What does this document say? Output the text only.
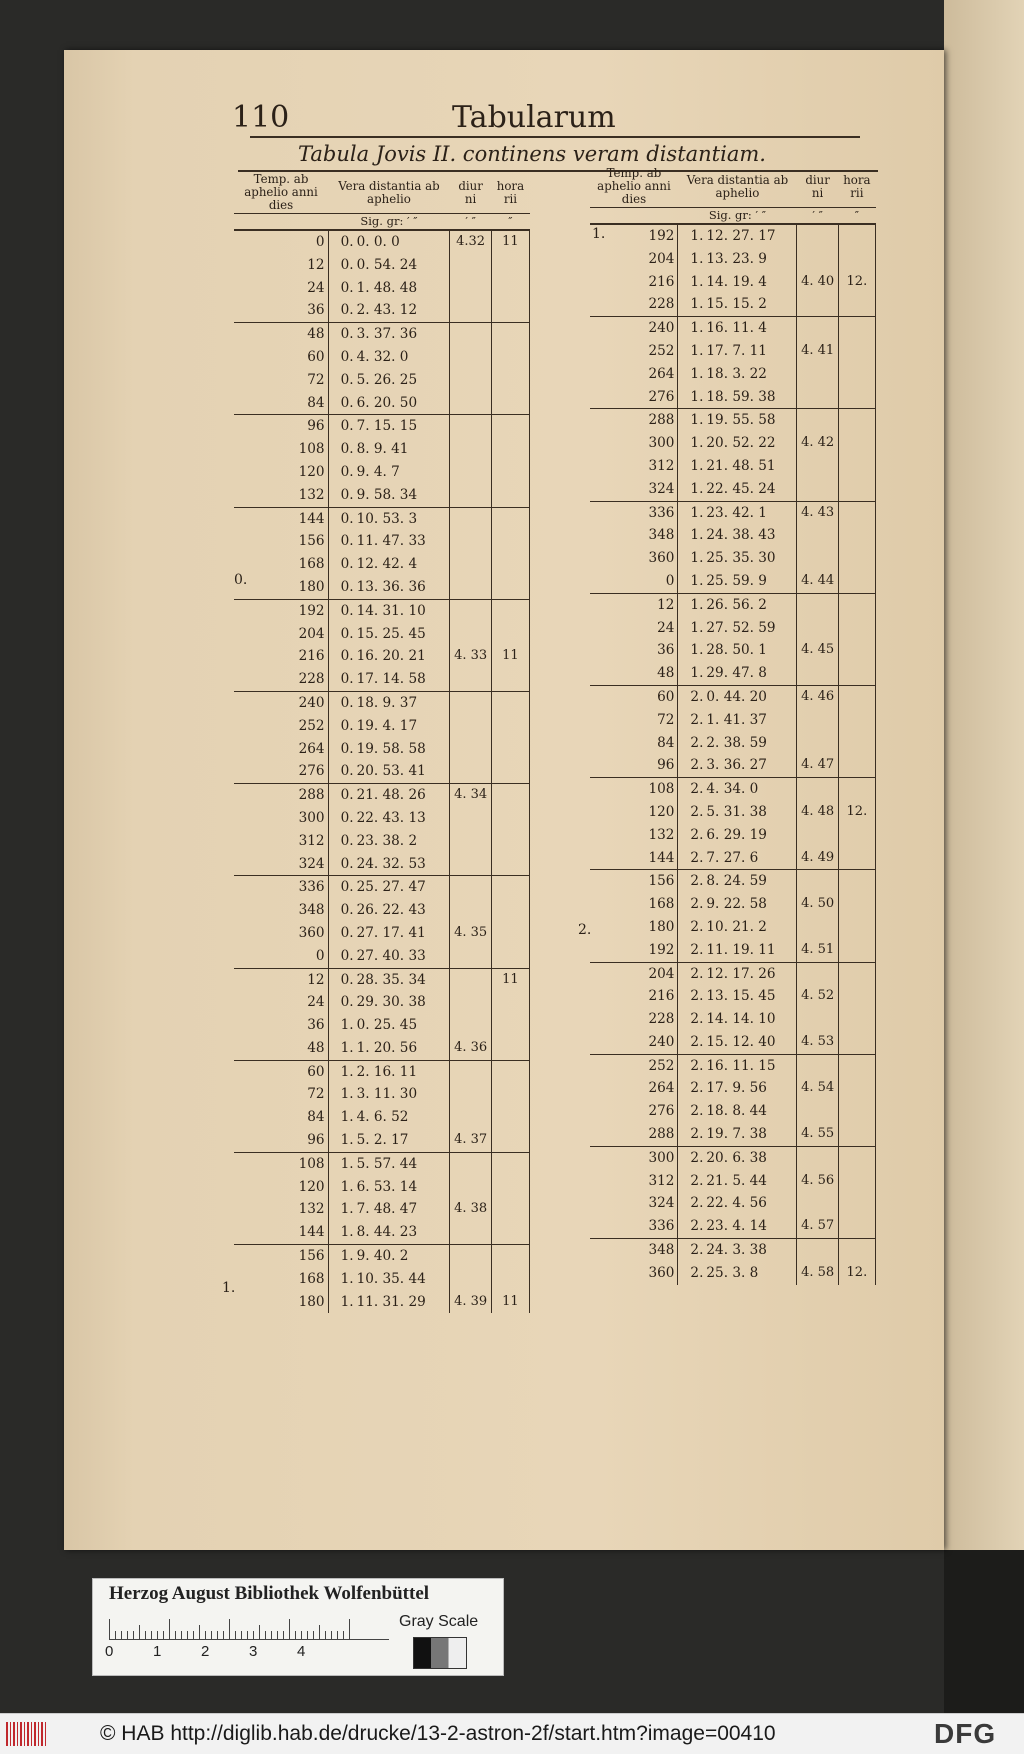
110	Tabularum
Tabula Jovis II. continens veram distantiam.
Temp. ab aphelio anni dies	Vera distantia ab aphelio		diur ni	hora rii
	Sig. gr: ′ ″		′ ″	″
0	0.	0. 0. 0	4.32	11
12	0.	0. 54. 24		
24	0.	1. 48. 48		
36	0.	2. 43. 12		
48	0.	3. 37. 36		
60	0.	4. 32. 0		
72	0.	5. 26. 25		
84	0.	6. 20. 50		
96	0.	7. 15. 15		
108	0.	8. 9. 41		
120	0.	9. 4. 7		
132	0.	9. 58. 34		
144	0.	10. 53. 3		
156	0.	11. 47. 33		
168	0.	12. 42. 4		
180	0.	13. 36. 36		
192	0.	14. 31. 10		
204	0.	15. 25. 45		
216	0.	16. 20. 21	4. 33	11
228	0.	17. 14. 58		
240	0.	18. 9. 37		
252	0.	19. 4. 17		
264	0.	19. 58. 58		
276	0.	20. 53. 41		
288	0.	21. 48. 26	4. 34	
300	0.	22. 43. 13		
312	0.	23. 38. 2		
324	0.	24. 32. 53		
336	0.	25. 27. 47		
348	0.	26. 22. 43		
360	0.	27. 17. 41	4. 35	
0	0.	27. 40. 33		
12	0.	28. 35. 34		11
24	0.	29. 30. 38		
36	1.	0. 25. 45		
48	1.	1. 20. 56	4. 36	
60	1.	2. 16. 11		
72	1.	3. 11. 30		
84	1.	4. 6. 52		
96	1.	5. 2. 17	4. 37	
108	1.	5. 57. 44		
120	1.	6. 53. 14		
132	1.	7. 48. 47	4. 38	
144	1.	8. 44. 23		
156	1.	9. 40. 2		
168	1.	10. 35. 44		
180	1.	11. 31. 29	4. 39	11
Temp. ab aphelio anni dies	Vera distantia ab aphelio		diur ni	hora rii
	Sig. gr: ′ ″		′ ″	″
192	1.	12. 27. 17		
204	1.	13. 23. 9		
216	1.	14. 19. 4	4. 40	12.
228	1.	15. 15. 2		
240	1.	16. 11. 4		
252	1.	17. 7. 11	4. 41	
264	1.	18. 3. 22		
276	1.	18. 59. 38		
288	1.	19. 55. 58		
300	1.	20. 52. 22	4. 42	
312	1.	21. 48. 51		
324	1.	22. 45. 24		
336	1.	23. 42. 1	4. 43	
348	1.	24. 38. 43		
360	1.	25. 35. 30		
0	1.	25. 59. 9	4. 44	
12	1.	26. 56. 2		
24	1.	27. 52. 59		
36	1.	28. 50. 1	4. 45	
48	1.	29. 47. 8		
60	2.	0. 44. 20	4. 46	
72	2.	1. 41. 37		
84	2.	2. 38. 59		
96	2.	3. 36. 27	4. 47	
108	2.	4. 34. 0		
120	2.	5. 31. 38	4. 48	12.
132	2.	6. 29. 19		
144	2.	7. 27. 6	4. 49	
156	2.	8. 24. 59		
168	2.	9. 22. 58	4. 50	
180	2.	10. 21. 2		
192	2.	11. 19. 11	4. 51	
204	2.	12. 17. 26		
216	2.	13. 15. 45	4. 52	
228	2.	14. 14. 10		
240	2.	15. 12. 40	4. 53	
252	2.	16. 11. 15		
264	2.	17. 9. 56	4. 54	
276	2.	18. 8. 44		
288	2.	19. 7. 38	4. 55	
300	2.	20. 6. 38		
312	2.	21. 5. 44	4. 56	
324	2.	22. 4. 56		
336	2.	23. 4. 14	4. 57	
348	2.	24. 3. 38		
360	2.	25. 3. 8	4. 58	12.
0.
1.
1.
2.
Herzog August Bibliothek Wolfenbüttel
0	1	2	3	4
Gray Scale
© HAB http://diglib.hab.de/drucke/13-2-astron-2f/start.htm?image=00410	DFG
